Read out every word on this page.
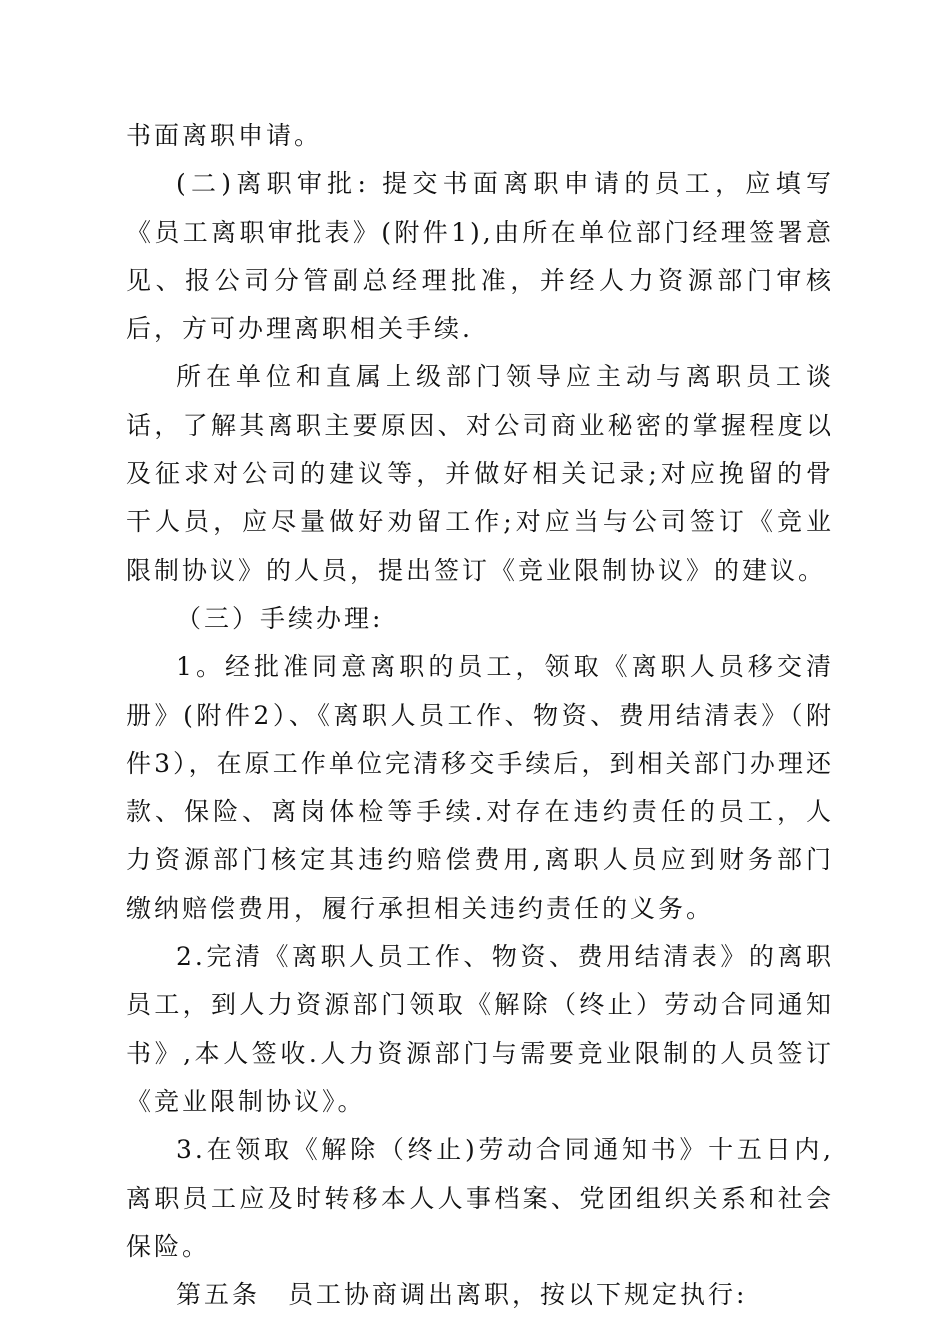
书面离职申请。

(二)离职审批: 提交书面离职申请的员工，应填写《员工离职审批表》(附件1),由所在单位部门经理签署意见、报公司分管副总经理批准，并经人力资源部门审核后，方可办理离职相关手续.

所在单位和直属上级部门领导应主动与离职员工谈话，了解其离职主要原因、对公司商业秘密的掌握程度以及征求对公司的建议等，并做好相关记录;对应挽留的骨干人员，应尽量做好劝留工作;对应当与公司签订《竞业限制协议》的人员，提出签订《竞业限制协议》的建议。

（三）手续办理:

1。经批准同意离职的员工，领取《离职人员移交清册》(附件2）、《离职人员工作、物资、费用结清表》（附件3），在原工作单位完清移交手续后，到相关部门办理还款、保险、离岗体检等手续.对存在违约责任的员工，人力资源部门核定其违约赔偿费用,离职人员应到财务部门缴纳赔偿费用，履行承担相关违约责任的义务。

2.完清《离职人员工作、物资、费用结清表》的离职员工，到人力资源部门领取《解除（终止）劳动合同通知书》,本人签收.人力资源部门与需要竞业限制的人员签订《竞业限制协议》。

3.在领取《解除（终止)劳动合同通知书》十五日内,离职员工应及时转移本人人事档案、党团组织关系和社会保险。

第五条　员工协商调出离职，按以下规定执行:
